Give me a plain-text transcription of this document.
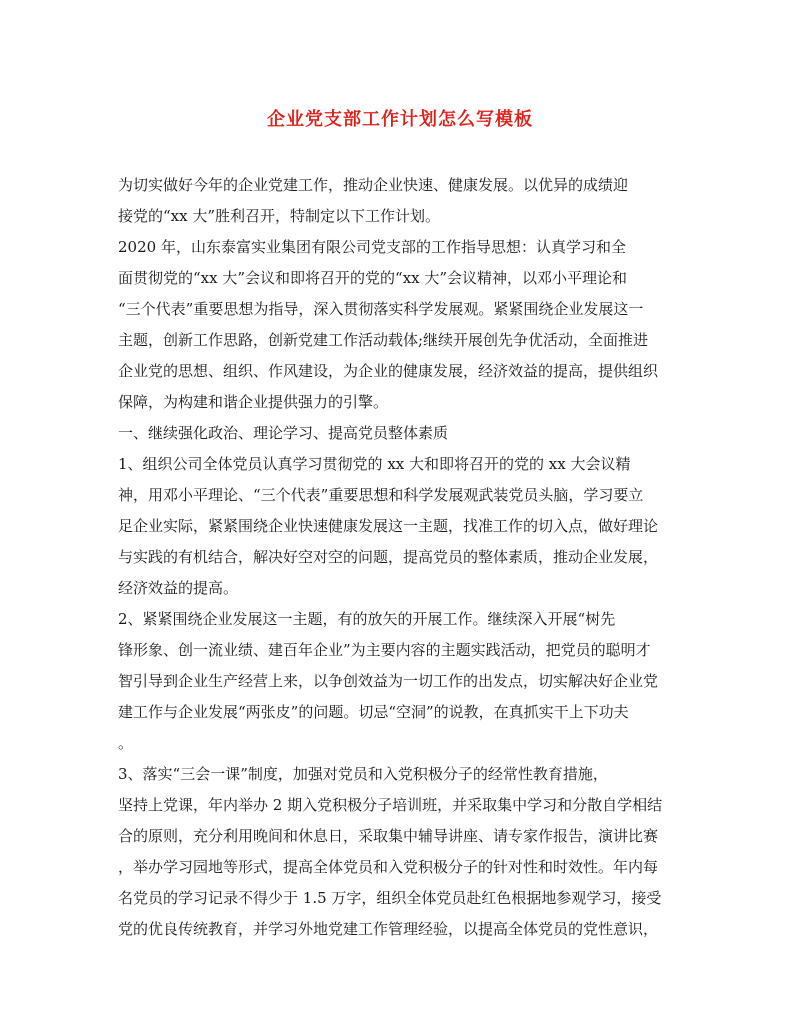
企业党支部工作计划怎么写模板
为切实做好今年的企业党建工作，推动企业快速、健康发展。以优异的成绩迎
接党的“xx 大”胜利召开，特制定以下工作计划。
2020 年，山东泰富实业集团有限公司党支部的工作指导思想：认真学习和全
面贯彻党的“xx 大”会议和即将召开的党的“xx 大”会议精神，以邓小平理论和
“三个代表”重要思想为指导，深入贯彻落实科学发展观。紧紧围绕企业发展这一
主题，创新工作思路，创新党建工作活动载体;继续开展创先争优活动，全面推进
企业党的思想、组织、作风建设，为企业的健康发展，经济效益的提高，提供组织
保障，为构建和谐企业提供强力的引擎。
一、继续强化政治、理论学习、提高党员整体素质
1、组织公司全体党员认真学习贯彻党的 xx 大和即将召开的党的 xx 大会议精
神，用邓小平理论、“三个代表”重要思想和科学发展观武装党员头脑，学习要立
足企业实际，紧紧围绕企业快速健康发展这一主题，找准工作的切入点，做好理论
与实践的有机结合，解决好空对空的问题，提高党员的整体素质，推动企业发展，
经济效益的提高。
2、紧紧围绕企业发展这一主题，有的放矢的开展工作。继续深入开展“树先
锋形象、创一流业绩、建百年企业”为主要内容的主题实践活动，把党员的聪明才
智引导到企业生产经营上来，以争创效益为一切工作的出发点，切实解决好企业党
建工作与企业发展“两张皮”的问题。切忌“空洞”的说教，在真抓实干上下功夫
。
3、落实“三会一课”制度，加强对党员和入党积极分子的经常性教育措施，
坚持上党课，年内举办 2 期入党积极分子培训班，并采取集中学习和分散自学相结
合的原则，充分利用晚间和休息日，采取集中辅导讲座、请专家作报告，演讲比赛
，举办学习园地等形式，提高全体党员和入党积极分子的针对性和时效性。年内每
名党员的学习记录不得少于 1.5 万字，组织全体党员赴红色根据地参观学习，接受
党的优良传统教育，并学习外地党建工作管理经验，以提高全体党员的党性意识，
